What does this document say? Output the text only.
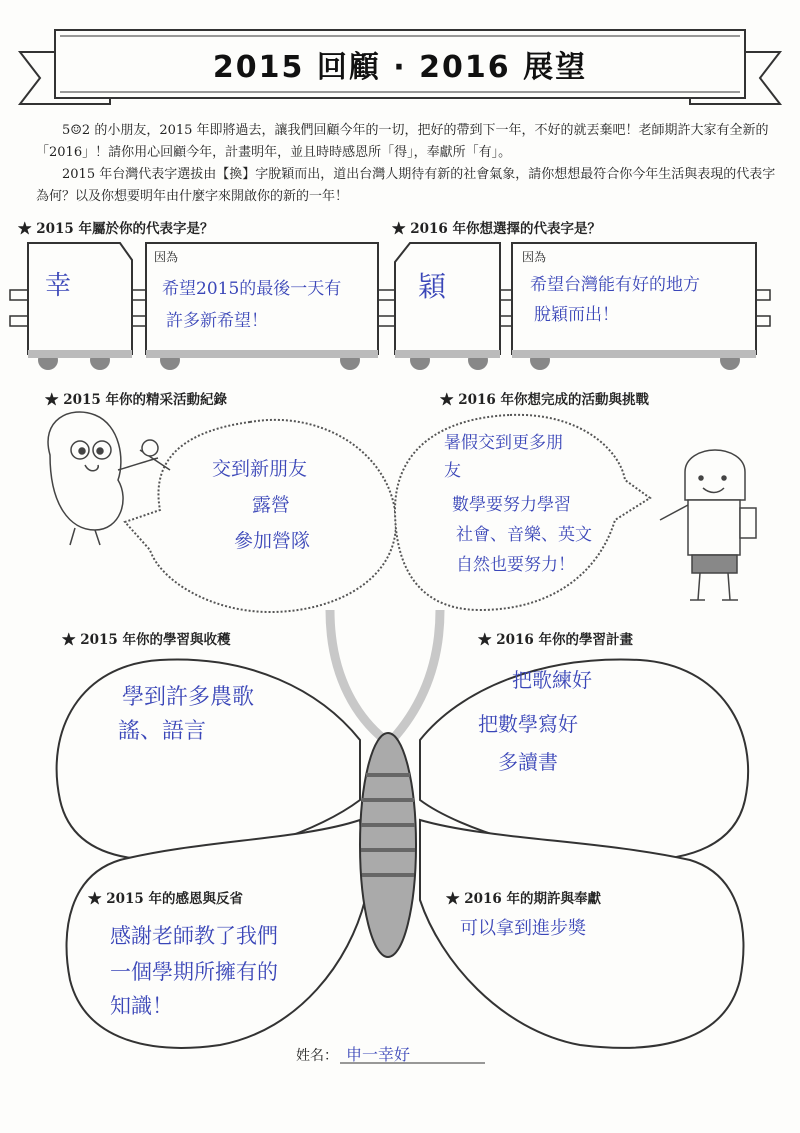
2015 回顧 · 2016 展望

5☺2 的小朋友，2015 年即將過去，讓我們回顧今年的一切，把好的帶到下一年，不好的就丟棄吧！老師期許大家有全新的「2016」！請你用心回顧今年，計畫明年，並且時時感恩所「得」，奉獻所「有」。

2015 年台灣代表字選拔由【換】字脫穎而出，道出台灣人期待有新的社會氣象，請你想想最符合你今年生活與表現的代表字為何？以及你想要明年由什麼字來開啟你的新的一年！

★ 2015 年屬於你的代表字是？	★ 2016 年你想選擇的代表字是？
幸
因為
希望2015的最後一天有
許多新希望！
穎
因為
希望台灣能有好的地方
脫穎而出！
★ 2015 年你的精采活動紀錄	★ 2016 年你想完成的活動與挑戰
交到新朋友
露營
參加營隊
暑假交到更多朋
友
數學要努力學習
社會、音樂、英文
自然也要努力！
★ 2015 年你的學習與收穫	★ 2016 年你的學習計畫
學到許多農歌
謠、語言
把歌練好
把數學寫好
多讀書
★ 2015 年的感恩與反省	★ 2016 年的期許與奉獻
感謝老師教了我們
一個學期所擁有的
知識！
可以拿到進步獎
姓名： 申一幸好
